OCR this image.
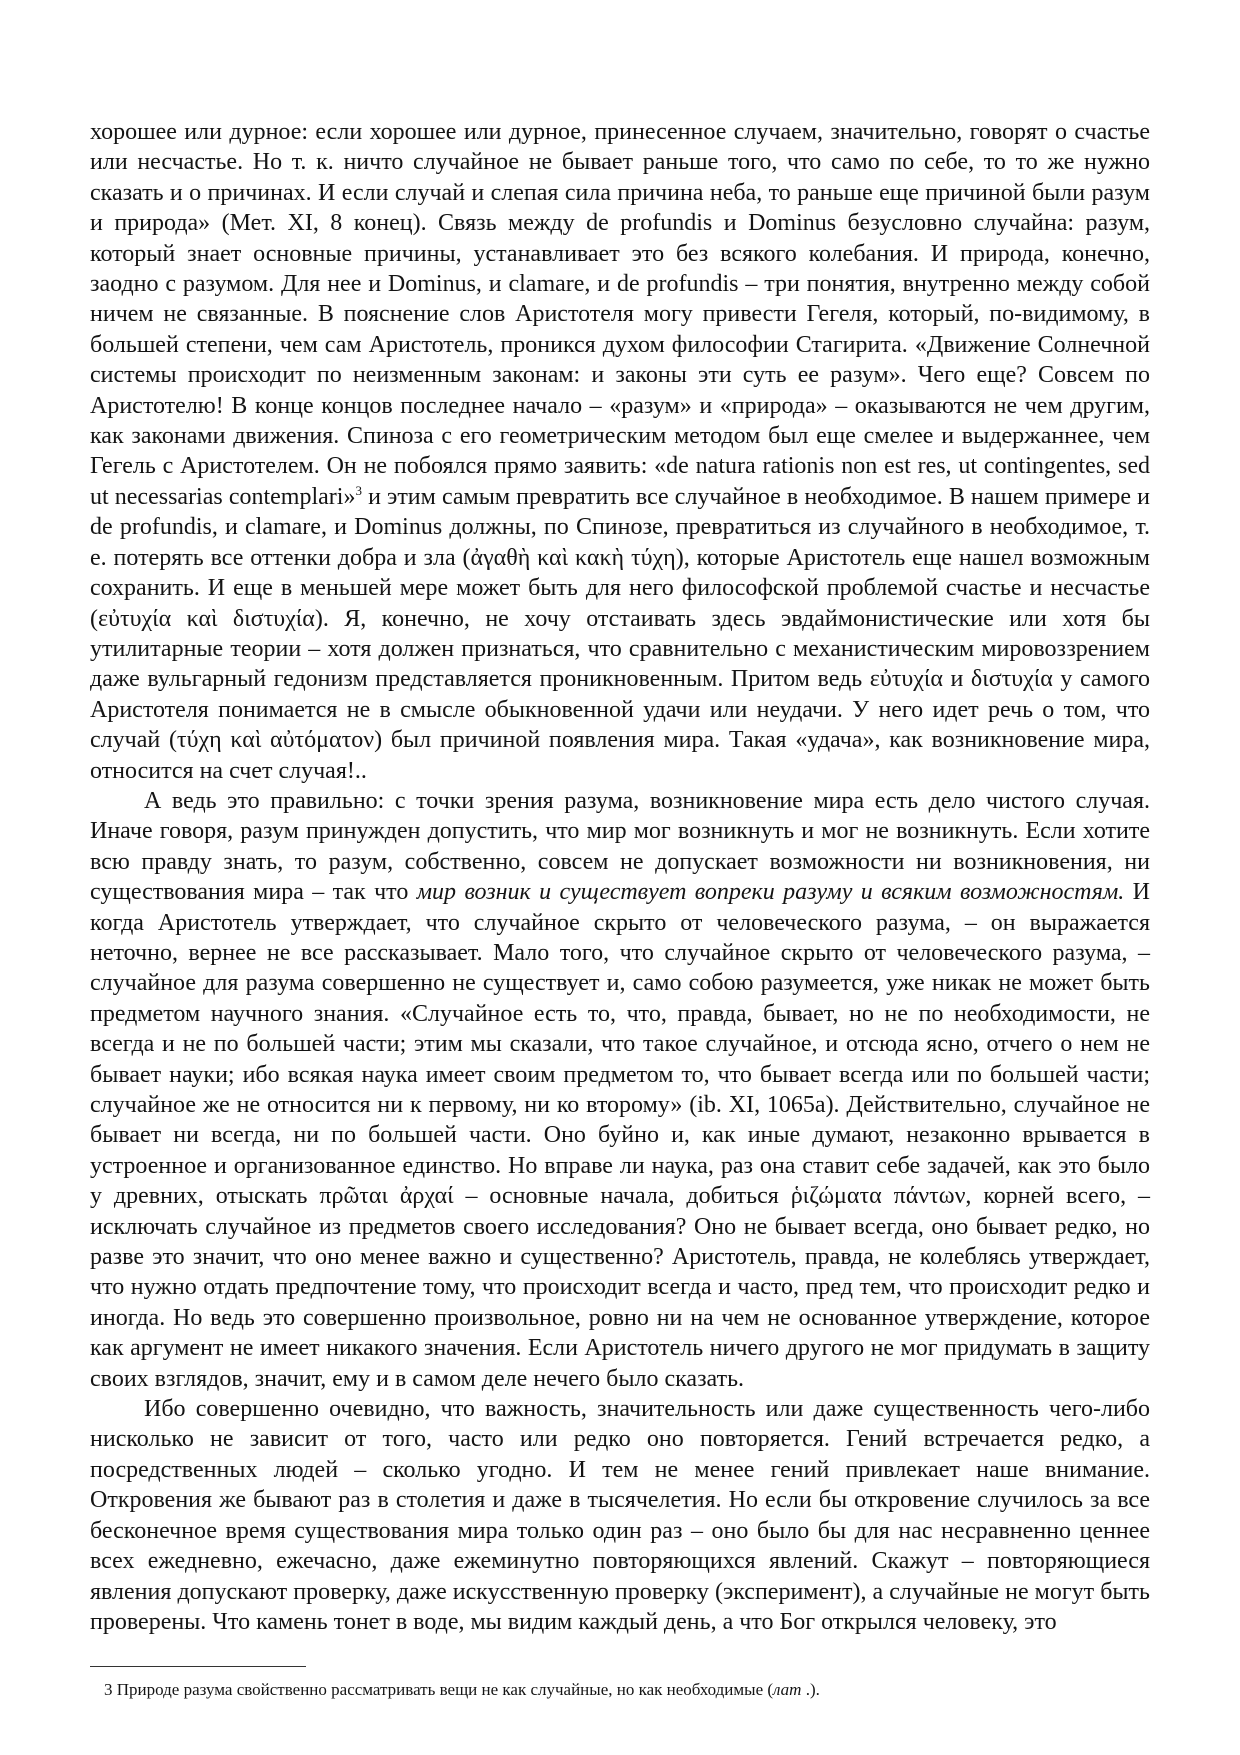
хорошее или дурное: если хорошее или дурное, принесенное случаем, значительно, говорят о счастье или несчастье. Но т. к. ничто случайное не бывает раньше того, что само по себе, то то же нужно сказать и о причинах. И если случай и слепая сила причина неба, то раньше еще причиной были разум и природа» (Мет. XI, 8 конец). Связь между de profundis и Dominus безусловно случайна: разум, который знает основные причины, устанавливает это без всякого колебания. И природа, конечно, заодно с разумом. Для нее и Dominus, и clamare, и de profundis – три понятия, внутренно между собой ничем не связанные. В пояснение слов Аристотеля могу привести Гегеля, который, по-видимому, в большей степени, чем сам Аристотель, проникся духом философии Стагирита. «Движение Солнечной системы происходит по неизменным законам: и законы эти суть ее разум». Чего еще? Совсем по Аристотелю! В конце концов последнее начало – «разум» и «природа» – оказываются не чем другим, как законами движения. Спиноза с его геометрическим методом был еще смелее и выдержаннее, чем Гегель с Аристотелем. Он не побоялся прямо заявить: «de natura rationis non est res, ut contingentes, sed ut necessarias contemplari»$^3$ и этим самым превратить все случайное в необходимое. В нашем примере и de profundis, и clamare, и Dominus должны, по Спинозе, превратиться из случайного в необходимое, т. е. потерять все оттенки добра и зла (ἀγαθὴ καὶ κακὴ τύχη), которые Аристотель еще нашел возможным сохранить. И еще в меньшей мере может быть для него философской проблемой счастье и несчастье (εὐτυχία καὶ διστυχία). Я, конечно, не хочу отстаивать здесь эвдаймонистические или хотя бы утилитарные теории – хотя должен признаться, что сравнительно с механистическим мировоззрением даже вульгарный гедонизм представляется проникновенным. Притом ведь εὐτυχία и διστυχία у самого Аристотеля понимается не в смысле обыкновенной удачи или неудачи. У него идет речь о том, что случай (τύχη καὶ αὐτόματον) был причиной появления мира. Такая «удача», как возникновение мира, относится на счет случая!..

А ведь это правильно: с точки зрения разума, возникновение мира есть дело чистого случая. Иначе говоря, разум принужден допустить, что мир мог возникнуть и мог не возникнуть. Если хотите всю правду знать, то разум, собственно, совсем не допускает возможности ни возникновения, ни существования мира – так что мир возник и существует вопреки разуму и всяким возможностям. И когда Аристотель утверждает, что случайное скрыто от человеческого разума, – он выражается неточно, вернее не все рассказывает. Мало того, что случайное скрыто от человеческого разума, – случайное для разума совершенно не существует и, само собою разумеется, уже никак не может быть предметом научного знания. «Случайное есть то, что, правда, бывает, но не по необходимости, не всегда и не по большей части; этим мы сказали, что такое случайное, и отсюда ясно, отчего о нем не бывает науки; ибо всякая наука имеет своим предметом то, что бывает всегда или по большей части; случайное же не относится ни к первому, ни ко второму» (ib. XI, 1065a). Действительно, случайное не бывает ни всегда, ни по большей части. Оно буйно и, как иные думают, незаконно врывается в устроенное и организованное единство. Но вправе ли наука, раз она ставит себе задачей, как это было у древних, отыскать πρῶται ἀρχαί – основные начала, добиться ῥιζώματα πάντων, корней всего, – исключать случайное из предметов своего исследования? Оно не бывает всегда, оно бывает редко, но разве это значит, что оно менее важно и существенно? Аристотель, правда, не колеблясь утверждает, что нужно отдать предпочтение тому, что происходит всегда и часто, пред тем, что происходит редко и иногда. Но ведь это совершенно произвольное, ровно ни на чем не основанное утверждение, которое как аргумент не имеет никакого значения. Если Аристотель ничего другого не мог придумать в защиту своих взглядов, значит, ему и в самом деле нечего было сказать.

Ибо совершенно очевидно, что важность, значительность или даже существенность чего-либо нисколько не зависит от того, часто или редко оно повторяется. Гений встречается редко, а посредственных людей – сколько угодно. И тем не менее гений привлекает наше внимание. Откровения же бывают раз в столетия и даже в тысячелетия. Но если бы откровение случилось за все бесконечное время существования мира только один раз – оно было бы для нас несравненно ценнее всех ежедневно, ежечасно, даже ежеминутно повторяющихся явлений. Скажут – повторяющиеся явления допускают проверку, даже искусственную проверку (эксперимент), а случайные не могут быть проверены. Что камень тонет в воде, мы видим каждый день, а что Бог открылся человеку, это

3 Природе разума свойственно рассматривать вещи не как случайные, но как необходимые (лат .).
